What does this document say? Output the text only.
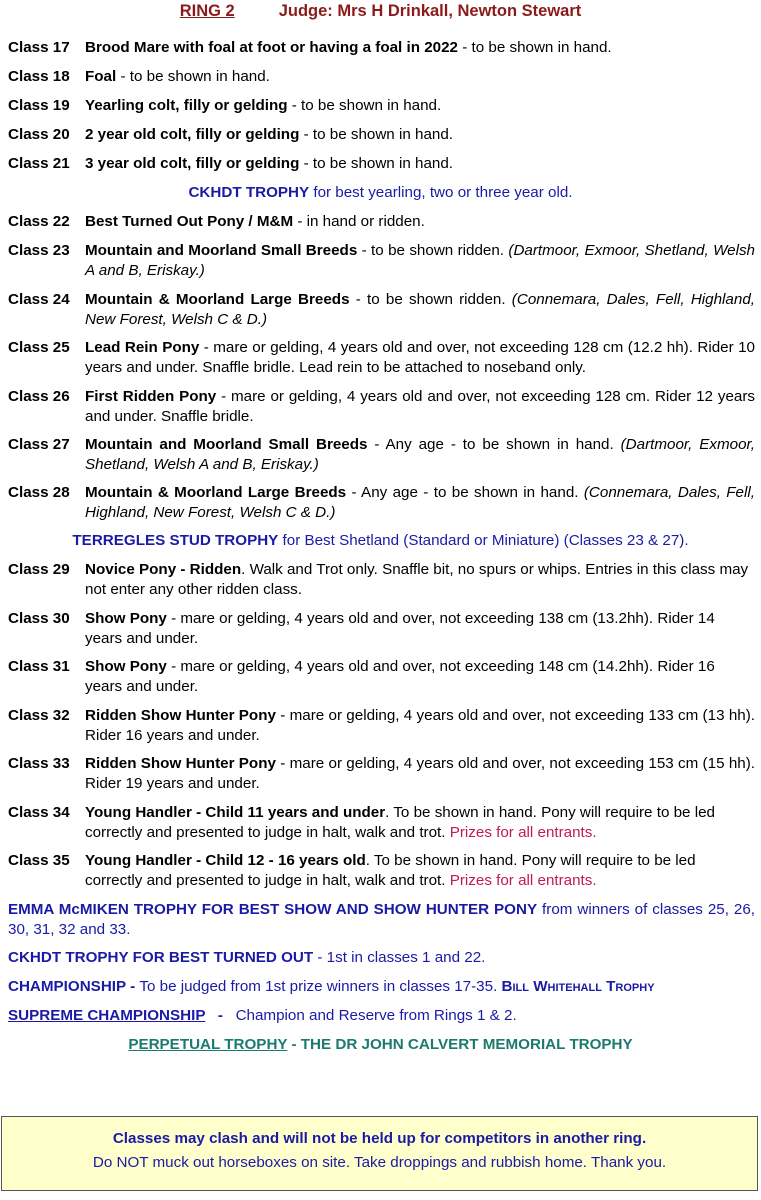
RING 2	Judge: Mrs H Drinkall, Newton Stewart
Class 17 Brood Mare with foal at foot or having a foal in 2022 - to be shown in hand.
Class 18 Foal - to be shown in hand.
Class 19 Yearling colt, filly or gelding - to be shown in hand.
Class 20 2 year old colt, filly or gelding - to be shown in hand.
Class 21 3 year old colt, filly or gelding - to be shown in hand.
CKHDT TROPHY for best yearling, two or three year old.
Class 22 Best Turned Out Pony / M&M - in hand or ridden.
Class 23 Mountain and Moorland Small Breeds - to be shown ridden. (Dartmoor, Exmoor, Shetland, Welsh A and B, Eriskay.)
Class 24 Mountain & Moorland Large Breeds - to be shown ridden. (Connemara, Dales, Fell, Highland, New Forest, Welsh C & D.)
Class 25 Lead Rein Pony - mare or gelding, 4 years old and over, not exceeding 128 cm (12.2 hh). Rider 10 years and under. Snaffle bridle. Lead rein to be attached to noseband only.
Class 26 First Ridden Pony - mare or gelding, 4 years old and over, not exceeding 128 cm. Rider 12 years and under. Snaffle bridle.
Class 27 Mountain and Moorland Small Breeds - Any age - to be shown in hand. (Dartmoor, Exmoor, Shetland, Welsh A and B, Eriskay.)
Class 28 Mountain & Moorland Large Breeds - Any age - to be shown in hand. (Connemara, Dales, Fell, Highland, New Forest, Welsh C & D.)
TERREGLES STUD TROPHY for Best Shetland (Standard or Miniature) (Classes 23 & 27).
Class 29 Novice Pony - Ridden. Walk and Trot only. Snaffle bit, no spurs or whips. Entries in this class may not enter any other ridden class.
Class 30 Show Pony - mare or gelding, 4 years old and over, not exceeding 138 cm (13.2hh). Rider 14 years and under.
Class 31 Show Pony - mare or gelding, 4 years old and over, not exceeding 148 cm (14.2hh). Rider 16 years and under.
Class 32 Ridden Show Hunter Pony - mare or gelding, 4 years old and over, not exceeding 133 cm (13 hh). Rider 16 years and under.
Class 33 Ridden Show Hunter Pony - mare or gelding, 4 years old and over, not exceeding 153 cm (15 hh). Rider 19 years and under.
Class 34 Young Handler - Child 11 years and under. To be shown in hand. Pony will require to be led correctly and presented to judge in halt, walk and trot. Prizes for all entrants.
Class 35 Young Handler - Child 12 - 16 years old. To be shown in hand. Pony will require to be led correctly and presented to judge in halt, walk and trot. Prizes for all entrants.
EMMA McMIKEN TROPHY FOR BEST SHOW AND SHOW HUNTER PONY from winners of classes 25, 26, 30, 31, 32 and 33.
CKHDT TROPHY FOR BEST TURNED OUT - 1st in classes 1 and 22.
CHAMPIONSHIP - To be judged from 1st prize winners in classes 17-35. Bill Whitehall Trophy
SUPREME CHAMPIONSHIP   -   Champion and Reserve from Rings 1 & 2.
PERPETUAL TROPHY - THE DR JOHN CALVERT MEMORIAL TROPHY
Classes may clash and will not be held up for competitors in another ring.
Do NOT muck out horseboxes on site. Take droppings and rubbish home. Thank you.
